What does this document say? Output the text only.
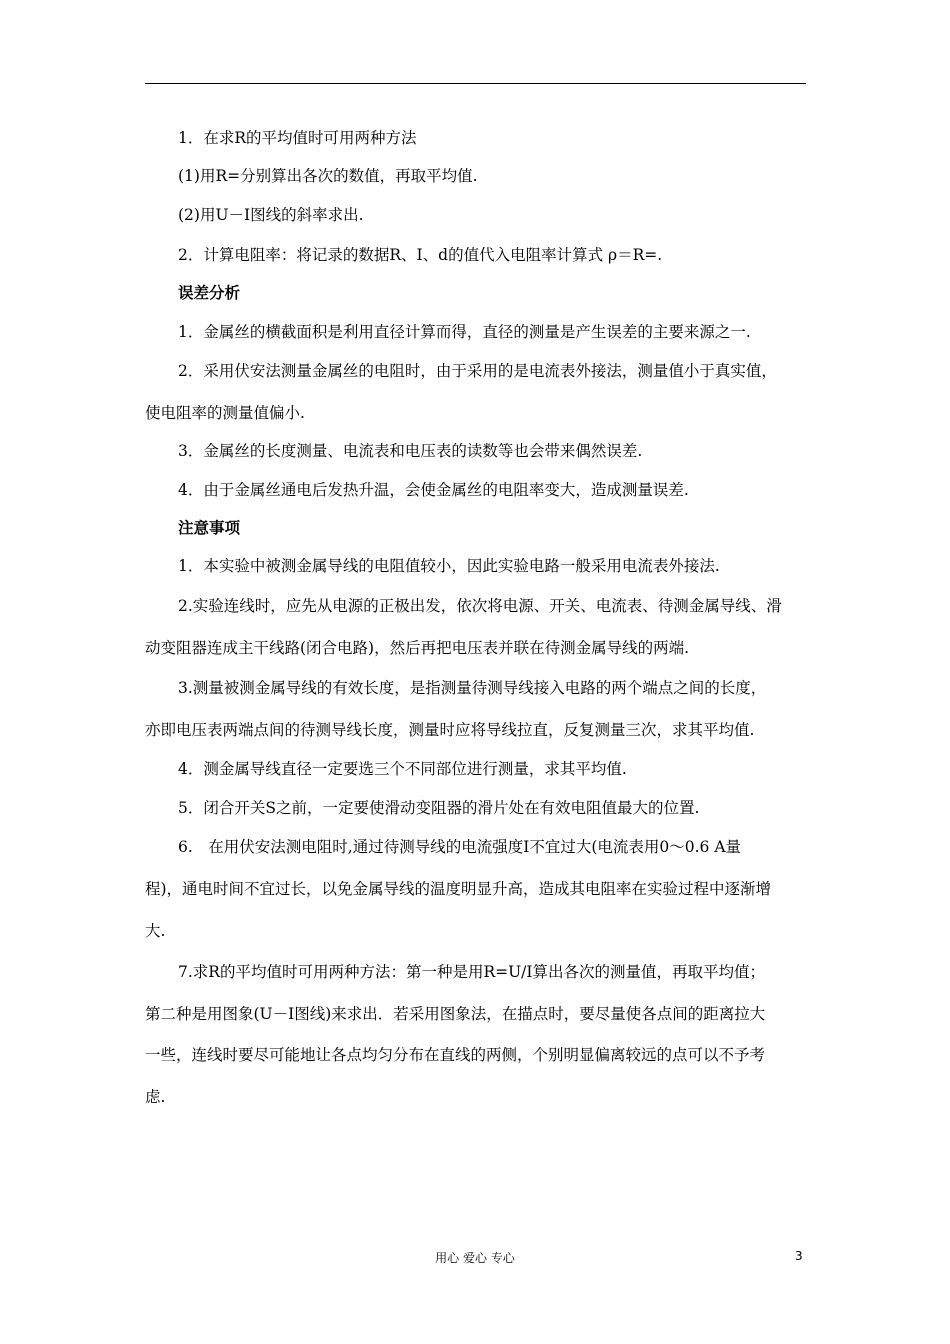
1．在求R的平均值时可用两种方法
(1)用R=分别算出各次的数值，再取平均值.
(2)用U－I图线的斜率求出.
2．计算电阻率：将记录的数据R、I、d的值代入电阻率计算式 ρ＝R=.
误差分析
1．金属丝的横截面积是利用直径计算而得，直径的测量是产生误差的主要来源之一.
2．采用伏安法测量金属丝的电阻时，由于采用的是电流表外接法，测量值小于真实值，
使电阻率的测量值偏小.
3．金属丝的长度测量、电流表和电压表的读数等也会带来偶然误差.
4．由于金属丝通电后发热升温，会使金属丝的电阻率变大，造成测量误差.
注意事项
1．本实验中被测金属导线的电阻值较小，因此实验电路一般采用电流表外接法.
2.实验连线时，应先从电源的正极出发，依次将电源、开关、电流表、待测金属导线、滑
动变阻器连成主干线路(闭合电路)，然后再把电压表并联在待测金属导线的两端.
3.测量被测金属导线的有效长度，是指测量待测导线接入电路的两个端点之间的长度，
亦即电压表两端点间的待测导线长度，测量时应将导线拉直，反复测量三次，求其平均值.
4．测金属导线直径一定要选三个不同部位进行测量，求其平均值.
5．闭合开关S之前，一定要使滑动变阻器的滑片处在有效电阻值最大的位置.
6.　在用伏安法测电阻时,通过待测导线的电流强度I不宜过大(电流表用0～0.6 A量
程)，通电时间不宜过长，以免金属导线的温度明显升高，造成其电阻率在实验过程中逐渐增
大.
7.求R的平均值时可用两种方法：第一种是用R=U/I算出各次的测量值，再取平均值；
第二种是用图象(U－I图线)来求出．若采用图象法，在描点时，要尽量使各点间的距离拉大
一些，连线时要尽可能地让各点均匀分布在直线的两侧，个别明显偏离较远的点可以不予考
虑.
用心 爱心 专心	3
